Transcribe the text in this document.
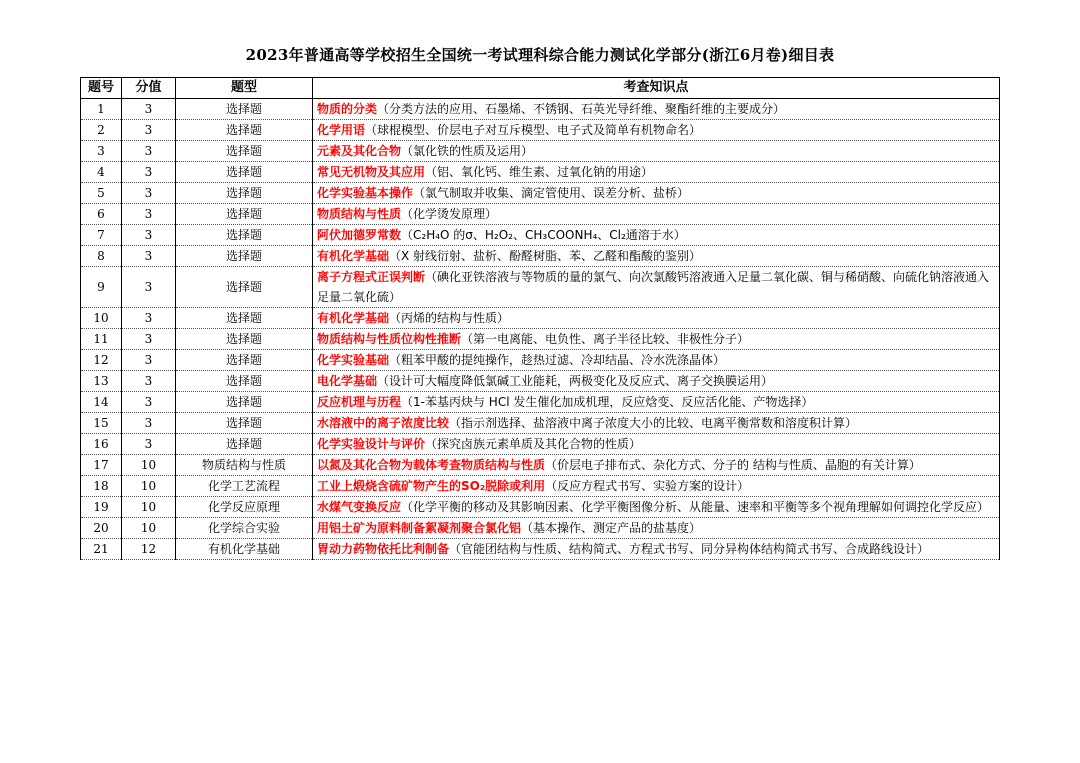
2023年普通高等学校招生全国统一考试理科综合能力测试化学部分(浙江6月卷)细目表
题号	分值	题型	考查知识点
1	3	选择题	物质的分类（分类方法的应用、石墨烯、不锈钢、石英光导纤维、聚酯纤维的主要成分）
2	3	选择题	化学用语（球棍模型、价层电子对互斥模型、电子式及简单有机物命名）
3	3	选择题	元素及其化合物（氯化铁的性质及运用）
4	3	选择题	常见无机物及其应用（铝、氧化钙、维生素、过氧化钠的用途）
5	3	选择题	化学实验基本操作（氯气制取并收集、滴定管使用、误差分析、盐桥）
6	3	选择题	物质结构与性质（化学烫发原理）
7	3	选择题	阿伏加德罗常数（C₂H₄O 的σ、H₂O₂、CH₃COONH₄、Cl₂通溶于水）
8	3	选择题	有机化学基础（X 射线衍射、盐析、酚醛树脂、苯、乙醛和酯酸的鉴别）
9	3	选择题	离子方程式正误判断（碘化亚铁溶液与等物质的量的氯气、向次氯酸钙溶液通入足量二氧化碳、铜与稀硝酸、向硫化钠溶液通入足量二氧化硫）
10	3	选择题	有机化学基础（丙烯的结构与性质）
11	3	选择题	物质结构与性质位构性推断（第一电离能、电负性、离子半径比较、非极性分子）
12	3	选择题	化学实验基础（粗苯甲酸的提纯操作，趁热过滤、冷却结晶、冷水洗涤晶体）
13	3	选择题	电化学基础（设计可大幅度降低氯碱工业能耗，两极变化及反应式、离子交换膜运用）
14	3	选择题	反应机理与历程（1-苯基丙炔与 HCl 发生催化加成机理，反应焓变、反应活化能、产物选择）
15	3	选择题	水溶液中的离子浓度比较（指示剂选择、盐溶液中离子浓度大小的比较、电离平衡常数和溶度积计算）
16	3	选择题	化学实验设计与评价（探究卤族元素单质及其化合物的性质）
17	10	物质结构与性质	以氮及其化合物为载体考查物质结构与性质（价层电子排布式、杂化方式、分子的 结构与性质、晶胞的有关计算）
18	10	化学工艺流程	工业上煅烧含硫矿物产生的SO₂脱除或利用（反应方程式书写、实验方案的设计）
19	10	化学反应原理	水煤气变换反应（化学平衡的移动及其影响因素、化学平衡图像分析、从能量、速率和平衡等多个视角理解如何调控化学反应）
20	10	化学综合实验	用铝土矿为原料制备絮凝剂聚合氯化铝（基本操作、测定产品的盐基度）
21	12	有机化学基础	胃动力药物依托比利制备（官能团结构与性质、结构简式、方程式书写、同分异构体结构简式书写、合成路线设计）
